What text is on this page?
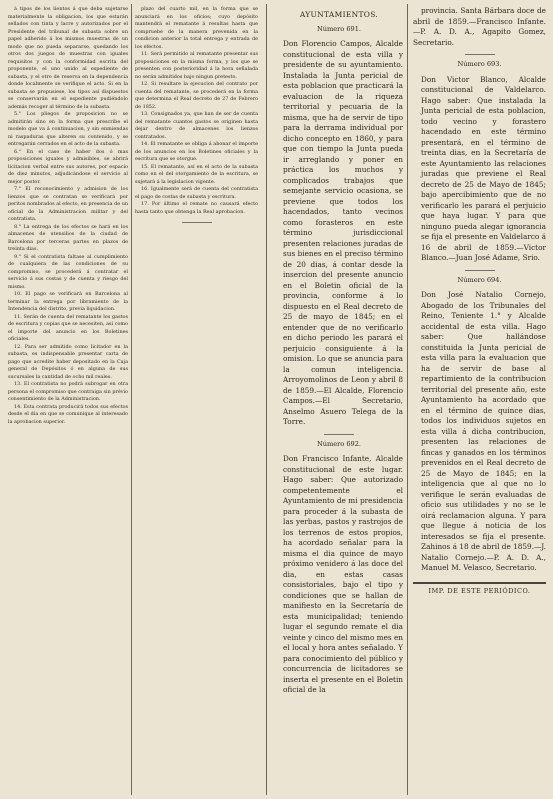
á tipos de los lientos á que deba sujetarse materialmente la obligacion, los que estarán sellados con tinta y lacre y autorizados por el Presidente del tribunal de subasta sobre un papel adherido á los mismos muestras de un modo que no pueda separarse, quedando los otros dos juegos de muestras con iguales requisitos y con la conformidad escrita del proponente, el uno unido al espediente de subasta, y el otro de reserva en la dependencia donde localmente se verifique el acto. Si en la subasta se propusiese, los tipos así dispuestos se conservarán en el espediente pudiéndolo además recoger al término de la subasta.

5.° Los pliegos de proposicion no se admitirán sino en la forma que prescribe el modelo que va á continuacion, y sin enmiendas ni raspaduras que alteren su contenido, y se entregarán cerrados en el acto de la subasta.

6.° En el caso de haber dos ó mas proposiciones iguales y admisibles, se abrirá licitacion verbal entre sus autores, por espacio de diez minutos, adjudicándose el servicio al mejor postor.

7.° El reconocimiento y admision de los lienzos que se contratan se verificará por peritos nombrados al efecto, en presencia de un oficial de la Administracion militar y del contratista.

8.° La entrega de los efectos se hará en los almacenes de utensilios de la ciudad de Barcelona por terceras partes en plazos de treinta dias.

9.° Si el contratista faltase al cumplimiento de cualquiera de las condiciones de su compromiso, se procederá á contratar el servicio á sus costas y de cuenta y riesgo del mismo.

10. El pago se verificará en Barcelona al terminar la entrega por libramiento de la Intendencia del distrito, previa liquidacion.

11. Serán de cuenta del rematante los gastos de escritura y copias que se necesiten, asi como el importe del anuncio en los Boletines oficiales.

12. Para ser admitido como licitador en la subasta, es indispensable presentar carta de pago que acredite haber depositado en la Caja general de Depósitos ó en alguna de sus sucursales la cantidad de ocho mil reales.

13. El contratista no podrá subrogar en otra persona el compromiso que contraiga sin prévio consentimiento de la Administracion.

14. Esta contrata producirá todos sus efectos desde el dia en que se comunique al interesado la aprobacion superior.

plazo del cuarto mil, en la forma que se anunciará en los oficios; cuyo depósito mantendrá el rematante á resultas hasta que compruebe de la manera prevenida en la condicion anterior la total entrega y entrada de los efectos.

11. Será permitido al rematante presentar sus proposiciones en la misma forma, y los que se presenten con posterioridad á la hora señalada no serán admitidos bajo ningun pretesto.

12. Si resultare la ejecucion del contrato por cuenta del rematante, se procederá en la forma que determina el Real decreto de 27 de Febrero de 1852.

13. Consignados ya, que han de ser de cuenta del rematante cuantos gastos se originen hasta dejar dentro de almacenes los lienzos contratados.

14. El rematante se obliga á abonar el importe de los anuncios en los Boletines oficiales y la escritura que se otorgue.

15. El rematante, así en el acto de la subasta como en el del otorgamiento de la escritura, se sujetará á la legislacion vigente.

16. Igualmente será de cuenta del contratista el pago de costas de subasta y escritura.

17. Por último el remate no causará efecto hasta tanto que obtenga la Real aprobacion.

AYUNTAMIENTOS.
Número 691.

Don Florencio Campos, Alcalde constitucional de esta villa y presidente de su ayuntamiento. Instalada la Junta pericial de esta poblacion que practicará la evaluacion de la riqueza territorial y pecuaria de la misma, que ha de servir de tipo para la derrama individual por dicho concepto en 1860, y para que con tiempo la Junta pueda ir arreglando y poner en práctica los muchos y complicados trabajos que semejante servicio ocasiona, se previene que todos los hacendados, tanto vecinos como forasteros en este término jurisdiccional presenten relaciones juradas de sus bienes en el preciso término de 20 dias, á contar desde la insercion del presente anuncio en el Boletin oficial de la provincia, conforme á lo dispuesto en el Real decreto de 25 de mayo de 1845; en el entender que de no verificarlo en dicho periodo les parará el perjuicio consiguiente á la omision. Lo que se anuncia para la comun inteligencia. Arroyomolinos de Leon y abril 8 de 1859.—El Alcalde, Florencio Campos.—El Secretario, Anselmo Asuero Telega de la Torre.

Número 692.

Don Francisco Infante, Alcalde constitucional de este lugar. Hago saber: Que autorizado competentemente el Ayuntamiento de mi presidencia para proceder á la subasta de las yerbas, pastos y rastrojos de los terrenos de estos propios, ha acordado señalar para la misma el dia quince de mayo próximo venidero á las doce del dia, en estas casas consistoriales, bajo el tipo y condiciones que se hallan de manifiesto en la Secretaría de esta municipalidad; teniendo lugar el segundo remate el dia veinte y cinco del mismo mes en el local y hora antes señalado. Y para conocimiento del público y concurrencia de licitadores se inserta el presente en el Boletin oficial de la

provincia. Santa Bárbara doce de abril de 1859.—Francisco Infante.—P. A. D. A., Agapito Gomez, Secretario.

Número 693.

Don Victor Blanco, Alcalde constitucional de Valdelarco. Hago saber: Que instalada la Junta pericial de esta poblacion, todo vecino y forastero hacendado en este término presentará, en el término de treinta dias, en la Secretaría de este Ayuntamiento las relaciones juradas que previene el Real decreto de 25 de Mayo de 1845; bajo apercibimiento que de no verificarlo les parará el perjuicio que haya lugar. Y para que ninguno pueda alegar ignorancia se fija el presente en Valdelarco á 16 de abril de 1859.—Victor Blanco.—Juan José Adame, Srio.

Número 694.

Don José Natalio Cornejo, Abogado de los Tribunales del Reino, Teniente 1.° y Alcalde accidental de esta villa. Hago saber: Que hallándose constituida la Junta pericial de esta villa para la evaluacion que ha de servir de base al repartimiento de la contribucion territorial del presente año, este Ayuntamiento ha acordado que en el término de quince dias, todos los individuos sujetos en esta villa á dicha contribucion, presenten las relaciones de fincas y ganados en los términos prevenidos en el Real decreto de 25 de Mayo de 1845; en la inteligencia que al que no lo verifique le serán evaluadas de oficio sus utilidades y no se le oirá reclamacion alguna. Y para que llegue á noticia de los interesados se fija el presente. Zahinos á 18 de abril de 1859.—J. Natalio Cornejo.—P. A. D. A., Manuel M. Velasco, Secretario.

IMP. DE ESTE PERIÓDICO.
